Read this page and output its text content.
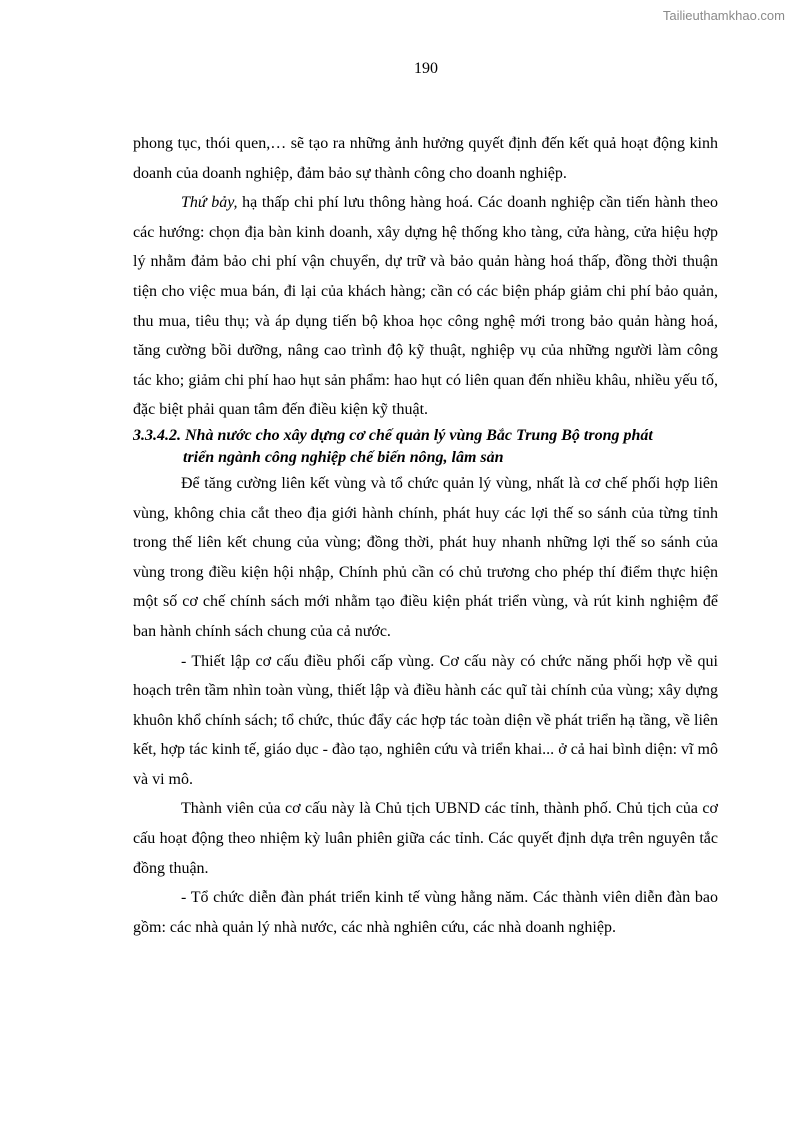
Tailieuthamkhao.com
190

phong tục, thói quen,… sẽ tạo ra những ảnh hưởng quyết định đến kết quả hoạt động kinh doanh của doanh nghiệp, đảm bảo sự thành công cho doanh nghiệp.

Thứ bảy, hạ thấp chi phí lưu thông hàng hoá. Các doanh nghiệp cần tiến hành theo các hướng: chọn địa bàn kinh doanh, xây dựng hệ thống kho tàng, cửa hàng, cửa hiệu hợp lý nhằm đảm bảo chi phí vận chuyển, dự trữ và bảo quản hàng hoá thấp, đồng thời thuận tiện cho việc mua bán, đi lại của khách hàng; cần có các biện pháp giảm chi phí bảo quản, thu mua, tiêu thụ; và áp dụng tiến bộ khoa học công nghệ mới trong bảo quản hàng hoá, tăng cường bồi dưỡng, nâng cao trình độ kỹ thuật, nghiệp vụ của những người làm công tác kho; giảm chi phí hao hụt sản phẩm: hao hụt có liên quan đến nhiều khâu, nhiều yếu tố, đặc biệt phải quan tâm đến điều kiện kỹ thuật.

3.3.4.2. Nhà nước cho xây dựng cơ chế quản lý vùng Bắc Trung Bộ trong phát
triển ngành công nghiệp chế biến nông, lâm sản

Để tăng cường liên kết vùng và tổ chức quản lý vùng, nhất là cơ chế phối hợp liên vùng, không chia cắt theo địa giới hành chính, phát huy các lợi thế so sánh của từng tỉnh trong thế liên kết chung của vùng; đồng thời, phát huy nhanh những lợi thế so sánh của vùng trong điều kiện hội nhập, Chính phủ cần có chủ trương cho phép thí điểm thực hiện một số cơ chế chính sách mới nhằm tạo điều kiện phát triển vùng, và rút kinh nghiệm để ban hành chính sách chung của cả nước.

- Thiết lập cơ cấu điều phối cấp vùng. Cơ cấu này có chức năng phối hợp về qui hoạch trên tầm nhìn toàn vùng, thiết lập và điều hành các quĩ tài chính của vùng; xây dựng khuôn khổ chính sách; tổ chức, thúc đẩy các hợp tác toàn diện về phát triển hạ tầng, về liên kết, hợp tác kinh tế, giáo dục - đào tạo, nghiên cứu và triển khai... ở cả hai bình diện: vĩ mô và vi mô.

Thành viên của cơ cấu này là Chủ tịch UBND các tỉnh, thành phố. Chủ tịch của cơ cấu hoạt động theo nhiệm kỳ luân phiên giữa các tỉnh. Các quyết định dựa trên nguyên tắc đồng thuận.

- Tổ chức diễn đàn phát triển kinh tế vùng hằng năm. Các thành viên diễn đàn bao gồm: các nhà quản lý nhà nước, các nhà nghiên cứu, các nhà doanh nghiệp.
